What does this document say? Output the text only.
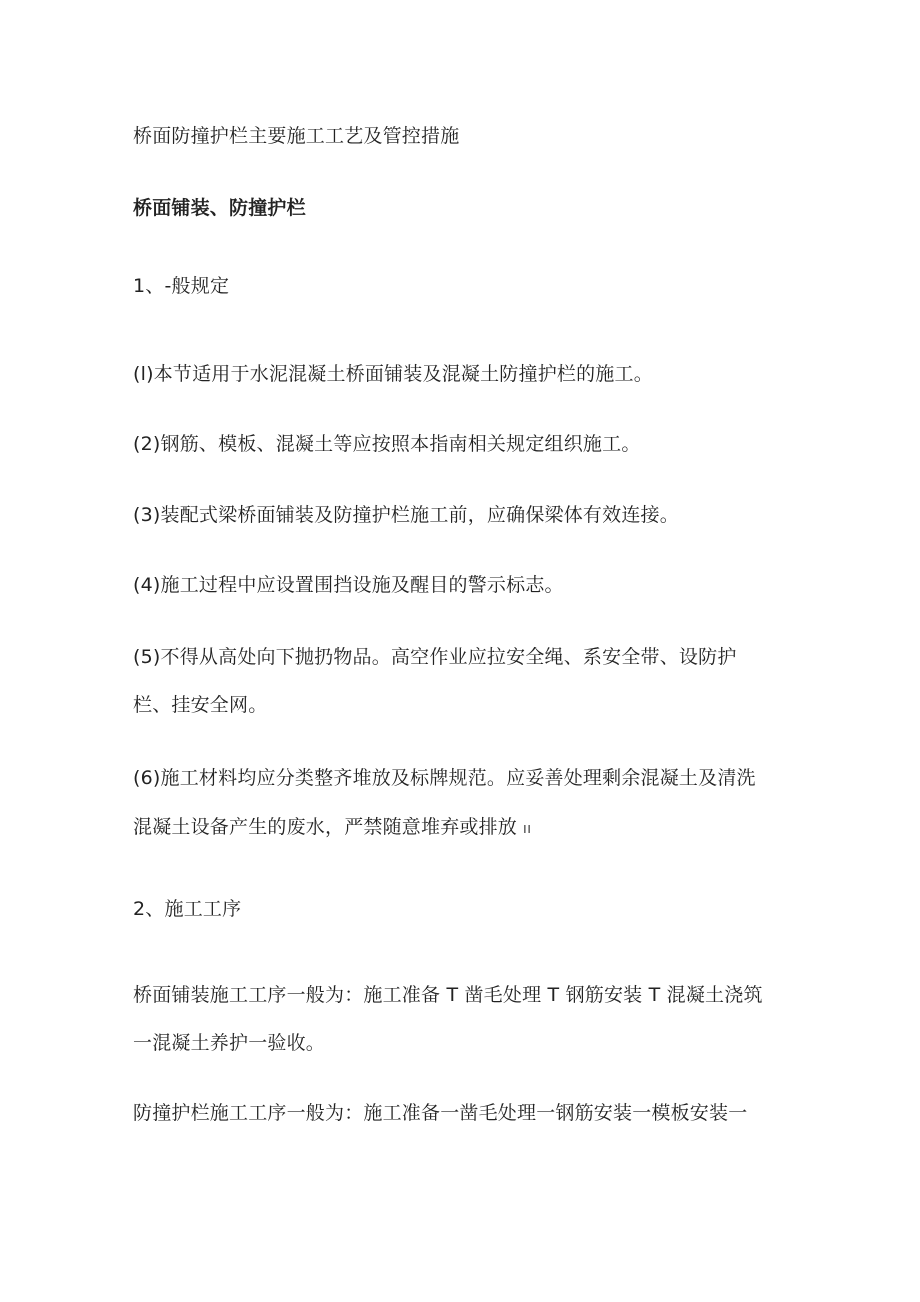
桥面防撞护栏主要施工工艺及管控措施

桥面铺装、防撞护栏

1、-般规定

(l)本节适用于水泥混凝土桥面铺装及混凝土防撞护栏的施工。

(2)钢筋、模板、混凝土等应按照本指南相关规定组织施工。

(3)装配式梁桥面铺装及防撞护栏施工前，应确保梁体有效连接。

(4)施工过程中应设置围挡设施及醒目的警示标志。

(5)不得从高处向下抛扔物品。高空作业应拉安全绳、系安全带、设防护

栏、挂安全网。

(6)施工材料均应分类整齐堆放及标牌规范。应妥善处理剩余混凝土及清洗

混凝土设备产生的废水，严禁随意堆弃或排放 II

2、施工工序

桥面铺装施工工序一般为：施工准备 T 凿毛处理 T 钢筋安装 T 混凝土浇筑

一混凝土养护一验收。

防撞护栏施工工序一般为：施工准备一凿毛处理一钢筋安装一模板安装一
